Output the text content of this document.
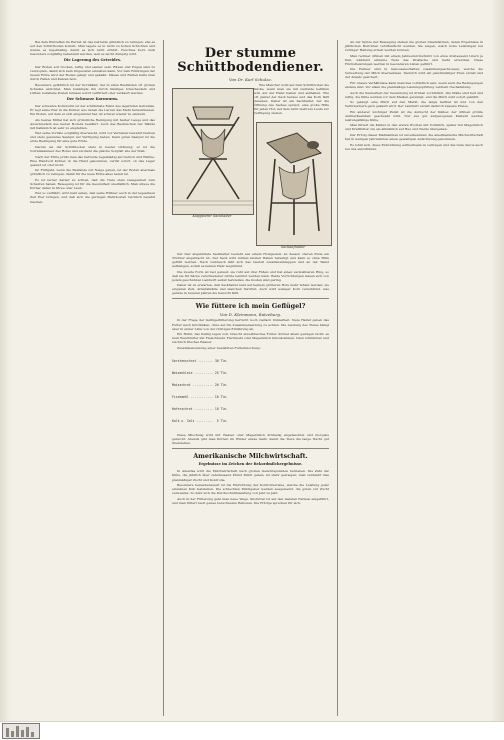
Bei dem Eintreffen im Herbst ist das Getreide gründlich zu reinigen, ehe es auf den Schüttboden kommt. Man lagere es in nicht zu hohen Schichten und wende es regelmäßig, damit es sich nicht erhitzt. Feuchtes Korn muß besonders sorgfältig behandelt werden, weil es leicht dumpfig wird.

Die Lagerung des Getreides.

Der Boden soll trocken, luftig und sauber sein. Ritzen und Fugen sind zu verstopfen, damit sich kein Ungeziefer einnisten kann. Vor dem Einbringen der neuen Ernte wird der Boden gefegt und gekalkt. Mäuse und Ratten halte man durch Fallen und Katzen fern.

Besonders gefährlich ist der Kornkäfer, der in alten Beständen oft großen Schaden anrichtet. Man bekämpfe ihn durch häufiges Umschaufeln und Lüften; befallene Posten müssen sofort verfüttert oder verkauft werden.

Der Schwarze Kornwurm.

Der schwarze Kornwurm ist der schlimmste Feind des lagernden Getreides. Er legt seine Eier in die Körner, aus denen die Larven das Mehl herausfressen. Ein Boden, auf dem er sich eingenistet hat, ist schwer wieder zu säubern.

Als bestes Mittel hat sich gründliche Reinigung mit heißer Lauge und das Ausschwefeln des leeren Bodens bewährt. Auch das Bestreichen der Wände mit Kalkmilch ist sehr zu empfehlen.

Wer seine Vorräte sorgfältig überwacht, wird vor Verlusten bewahrt bleiben und stets gesundes Saatgut zur Verfügung haben. Denn gutes Saatgut ist die erste Bedingung für eine gute Ernte.

Darum sei der Schüttboden stets in bester Ordnung; er ist die Vorratskammer des Hofes und verdient die gleiche Sorgfalt wie der Stall.

Nach der Ernte prüfe man das Getreide regelmäßig auf Geruch und Wärme. Eine Handvoll Körner, in die Hand genommen, verrät sofort, ob das Lager gesund ist oder nicht.

Im Frühjahr, wenn die Bestände zur Neige gehen, ist der Boden abermals gründlich zu reinigen, damit für die neue Ernte alles bereit ist.

Es ist ferner darauf zu achten, daß die Tiere stets Gelegenheit zum Scharren haben; Bewegung ist für die Gesundheit unerläßlich. Man streue die Körner daher in Streu oder Laub.

Wer so verfährt, wird bald sehen, daß seine Hühner auch in der legearmen Zeit Eier bringen, und daß sich die geringen Mehrkosten reichlich bezahlt machen.

Der stumme Schüttbodendiener.
Von Dr. Karl Schulze.

Wie Mancher wohl auf dem Schüttboden die Säcke, wenn man sie mit Getreide befüllen will, auf der Hand halten und aufhalten. Wie oft gleitet der Sack heraus und das Korn fällt daneben. Daher ist ein Sackhalter, der die Öffnung des Sackes spreizt, eine große Hilfe für jeden Hof, auf dem nicht mehrere Leute zur Verfügung stehen.

Klappbarer Sackhalter
Sackaufhalter

Der hier abgebildete Sackhalter besteht aus einem Holzgestell, an dessen oberen Ende ein Trichter angebracht ist. Der Sack wird mittels kleiner Haken befestigt und kann so ohne Hilfe gefüllt werden. Nach Gebrauch läßt sich das Gestell zusammenklappen und an der Wand aufhängen, sodaß es keinen Platz wegnimmt.

Die zweite Form ist fest gebaut; sie ruht auf drei Füßen und hat einen verstellbaren Ring, so daß sie für Säcke verschiedener Größe benützt werden kann. Beide Vorrichtungen lassen sich von jedem geschickten Landwirt selbst herstellen, die Kosten sind gering.

Daher ist zu erwarten, daß Sackhalter bald auf keinem größeren Hofe mehr fehlen werden; sie ersparen Zeit, Arbeitskräfte und manchen Verdruß. Auch wird weniger Korn verschüttet, was gerade in teueren Jahren ins Gewicht fällt.

Wie füttere ich mein Geflügel?
Von D. Kleinmann, Ratzeburg.

In der Frage der Geflügelfütterung herrscht noch vielfach Unklarheit. Viele Halter geben das Futter nach Gutdünken, ohne auf die Zusammensetzung zu achten. Die Leistung des Tieres hängt aber in erster Linie von der richtigen Ernährung ab.

Ein Huhn, das fleißig legen soll, braucht eiweißreiches Futter. Körner allein genügen nicht; es muß Weichfutter mit Fleischmehl, Fischmehl oder Magermilch hinzukommen. Dazu Grünfutter und reichlich frisches Wasser.

Zusammensetzung einer bewährten Futtermischung:

Gerstenschrot ........ 30 Tle.

Weizenkleie .......... 25 Tle.

Maisschrot ........... 20 Tle.

Fischmehl ............ 10 Tle.

Haferschrot .......... 10 Tle.

Kalk u. Salz .........  5 Tle.

Diese Mischung wird mit Wasser oder Magermilch krümelig angefeuchtet und morgens gereicht. Abends gibt man Körner, im Winter etwas mehr, damit die Tiere die lange Nacht gut überstehen.

Amerikanische Milchwirtschaft.
Ergebnisse im Zeichen der Rekordmilchergebnisse.

In Amerika wird die Milchwirtschaft nach großen Gesichtspunkten betrieben. Die Zahl der Kühe, die jährlich über zehntausend Pfund Milch geben, ist stark gestiegen; man verdankt dies planmäßiger Zucht und Kontrolle.

Besonders bemerkenswert ist die Einrichtung der Kontrollvereine, welche die Leistung jeder einzelnen Kuh feststellen. Die schlechten Milchgeber werden ausgemerzt, die guten zur Zucht verwendet. So hebt sich die Durchschnittsleistung von Jahr zu Jahr.

Auch in der Fütterung geht man neue Wege. Silofutter ist auf den meisten Farmen eingeführt, und man füttert nach genau berechneten Rationen. Die Erfolge sprechen für sich.

An der Spitze der Bewegung stehen die großen Staatsfarmen, deren Ergebnisse in jährlichen Berichten veröffentlicht werden. Sie zeigen, welch hohe Leistungen bei richtiger Haltung erzielt werden können.

Man rechnet drüben mit einem Jahresdurchschnitt von etwa dreitausend Litern je Kuh, während einzelne Tiere das Dreifache und mehr erreichen. Diese Höchstleistungen werden in besonderen Listen geführt.

Die Farmer sind in Genossenschaften zusammengeschlossen, welche die Verwertung der Milch übernehmen. Dadurch wird ein gleichmäßiger Preis erzielt und der Absatz gesichert.

Für unsere Verhältnisse kann manches vorbildlich sein, wenn auch die Bedingungen andere sind. Vor allem die planmäßige Leistungsprüfung verdient Nachahmung.

Auch die Sauberkeit der Gewinnung ist drüben vorbildlich. Die Ställe sind hell und luftig, die Kühe werden vor dem Melken gereinigt, und die Milch wird sofort gekühlt.

So gelangt eine Milch auf den Markt, die lange haltbar ist und von den Verbrauchern gern gekauft wird. Der Landwirt erzielt dadurch bessere Preise.

Ein anderer wichtiger Punkt ist die Aufzucht der Kälber, der drüben größte Aufmerksamkeit geschenkt wird. Nur aus gut aufgezogenen Kälbern werden leistungsfähige Kühe.

Man füttert die Kälber in den ersten Wochen mit Vollmilch, später mit Magermilch und Kraftfutter, bis sie allmählich auf Heu und Weide übergehen.

Der Erfolg dieser Maßnahmen ist unverkennbar; die amerikanische Milchwirtschaft hat in wenigen Jahrzehnten einen gewaltigen Aufschwung genommen.

Es lohnt sich, diese Entwicklung aufmerksam zu verfolgen und das Gute davon auch bei uns einzuführen.
